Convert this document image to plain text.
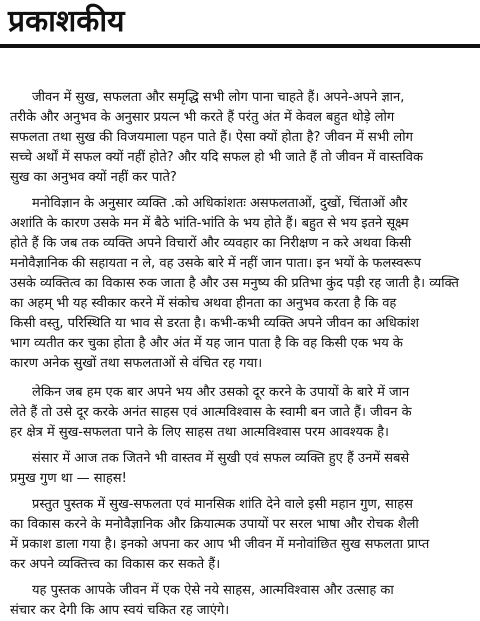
प्रकाशकीय
जीवन में सुख, सफलता और समृद्धि सभी लोग पाना चाहते हैं। अपने-अपने ज्ञान,
तरीके और अनुभव के अनुसार प्रयत्न भी करते हैं परंतु अंत में केवल बहुत थोड़े लोग
सफलता तथा सुख की विजयमाला पहन पाते हैं। ऐसा क्यों होता है? जीवन में सभी लोग
सच्चे अर्थों में सफल क्यों नहीं होते? और यदि सफल हो भी जाते हैं तो जीवन में वास्तविक
सुख का अनुभव क्यों नहीं कर पाते?
मनोविज्ञान के अनुसार व्यक्ति .को अधिकांशतः असफलताओं, दुखों, चिंताओं और
अशांति के कारण उसके मन में बैठे भांति-भांति के भय होते हैं। बहुत से भय इतने सूक्ष्म
होते हैं कि जब तक व्यक्ति अपने विचारों और व्यवहार का निरीक्षण न करे अथवा किसी
मनोवैज्ञानिक की सहायता न ले, वह उसके बारे में नहीं जान पाता। इन भयों के फलस्वरूप
उसके व्यक्तित्व का विकास रुक जाता है और उस मनुष्य की प्रतिभा कुंद पड़ी रह जाती है। व्यक्ति
का अहम् भी यह स्वीकार करने में संकोच अथवा हीनता का अनुभव करता है कि वह
किसी वस्तु, परिस्थिति या भाव से डरता है। कभी-कभी व्यक्ति अपने जीवन का अधिकांश
भाग व्यतीत कर चुका होता है और अंत में यह जान पाता है कि वह किसी एक भय के
कारण अनेक सुखों तथा सफलताओं से वंचित रह गया।
लेकिन जब हम एक बार अपने भय और उसको दूर करने के उपायों के बारे में जान
लेते हैं तो उसे दूर करके अनंत साहस एवं आत्मविश्वास के स्वामी बन जाते हैं। जीवन के
हर क्षेत्र में सुख-सफलता पाने के लिए साहस तथा आत्मविश्वास परम आवश्यक है।
संसार में आज तक जितने भी वास्तव में सुखी एवं सफल व्यक्ति हुए हैं उनमें सबसे
प्रमुख गुण था — साहस!
प्रस्तुत पुस्तक में सुख-सफलता एवं मानसिक शांति देने वाले इसी महान गुण, साहस
का विकास करने के मनोवैज्ञानिक और क्रियात्मक उपायों पर सरल भाषा और रोचक शैली
में प्रकाश डाला गया है। इनको अपना कर आप भी जीवन में मनोवांछित सुख सफलता प्राप्त
कर अपने व्यक्तित्त्व का विकास कर सकते हैं।
यह पुस्तक आपके जीवन में एक ऐसे नये साहस, आत्मविश्वास और उत्साह का
संचार कर देगी कि आप स्वयं चकित रह जाएंगे।
